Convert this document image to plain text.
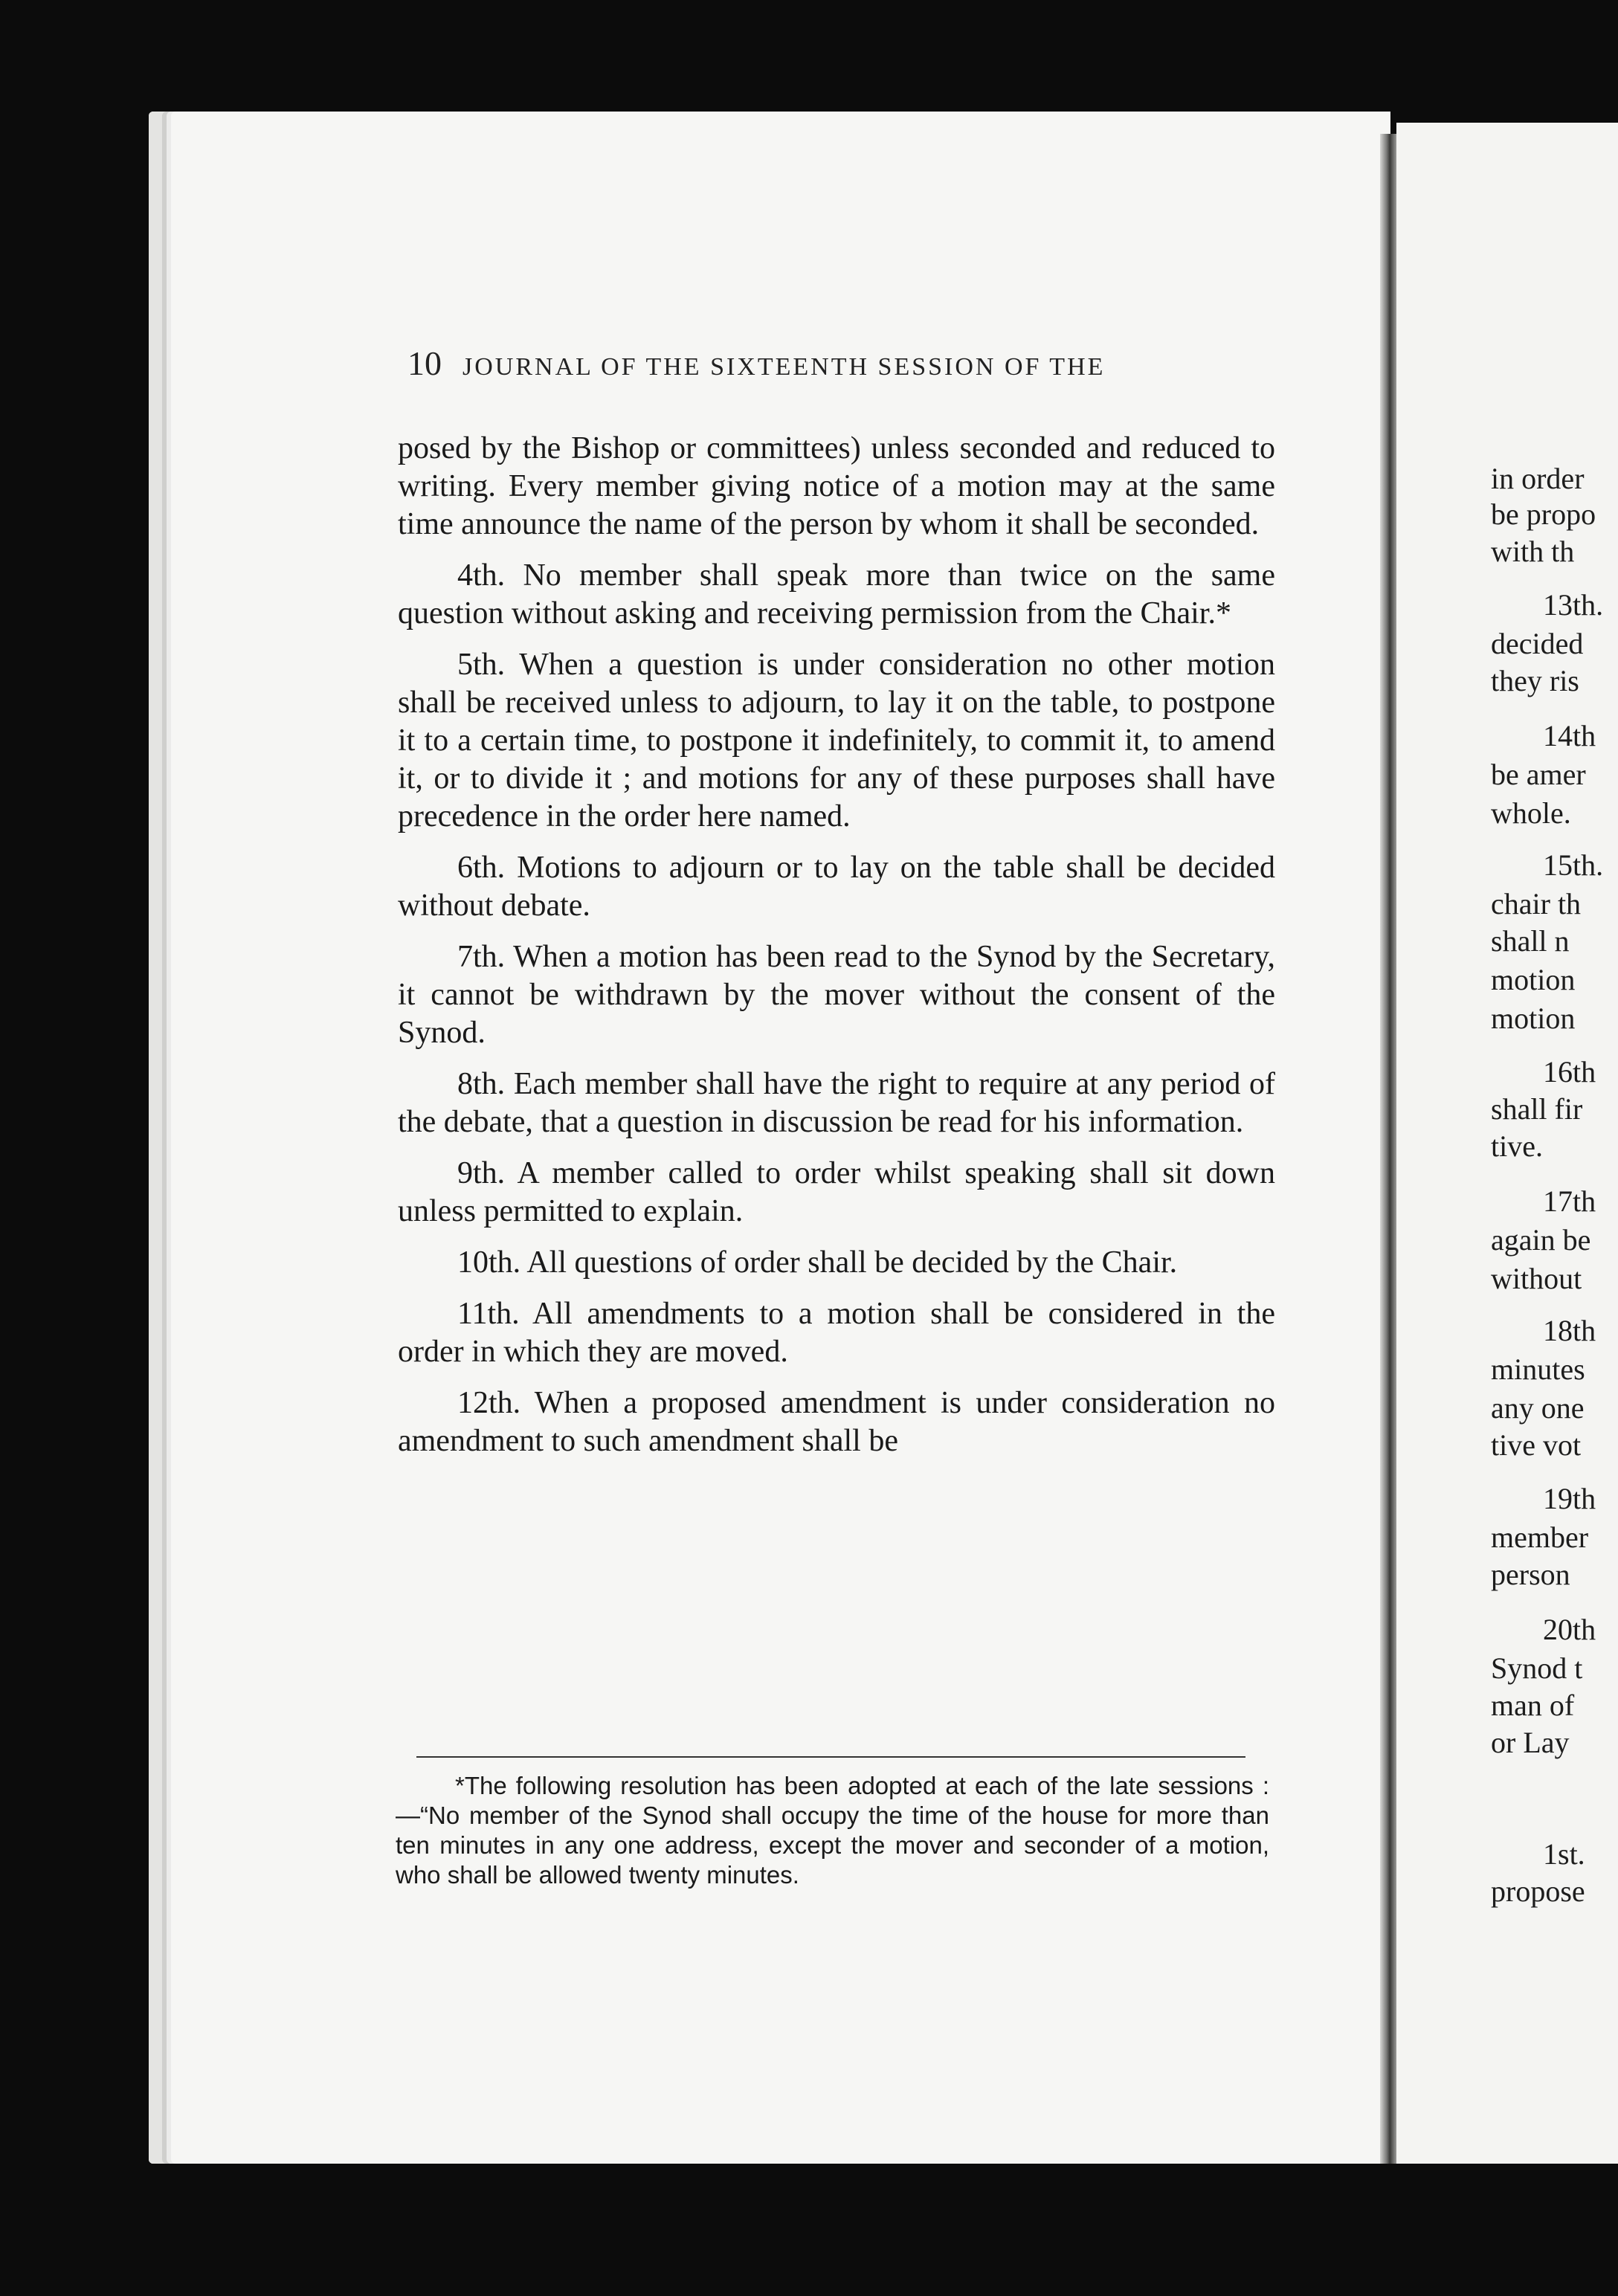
10 JOURNAL OF THE SIXTEENTH SESSION OF THE

posed by the Bishop or committees) unless seconded and reduced to writing. Every member giving notice of a motion may at the same time announce the name of the person by whom it shall be seconded.

4th. No member shall speak more than twice on the same question without asking and receiving permission from the Chair.*

5th. When a question is under consideration no other motion shall be received unless to adjourn, to lay it on the table, to postpone it to a certain time, to postpone it indefinitely, to commit it, to amend it, or to divide it ; and motions for any of these purposes shall have precedence in the order here named.

6th. Motions to adjourn or to lay on the table shall be decided without debate.

7th. When a motion has been read to the Synod by the Secretary, it cannot be withdrawn by the mover without the consent of the Synod.

8th. Each member shall have the right to require at any period of the debate, that a question in discussion be read for his information.

9th. A member called to order whilst speaking shall sit down unless permitted to explain.

10th. All questions of order shall be decided by the Chair.

11th. All amendments to a motion shall be considered in the order in which they are moved.

12th. When a proposed amendment is under consideration no amendment to such amendment shall be

*The following resolution has been adopted at each of the late sessions :—“No member of the Synod shall occupy the time of the house for more than ten minutes in any one address, except the mover and seconder of a motion, who shall be allowed twenty minutes.
in order
be propo
with th
13th.
decided
they ris
14th
be amer
whole.
15th.
chair th
shall n
motion
motion
16th
shall fir
tive.
17th
again be
without
18th
minutes
any one
tive vot
19th
member
person
20th
Synod t
man of
or Lay
1st.
propose
